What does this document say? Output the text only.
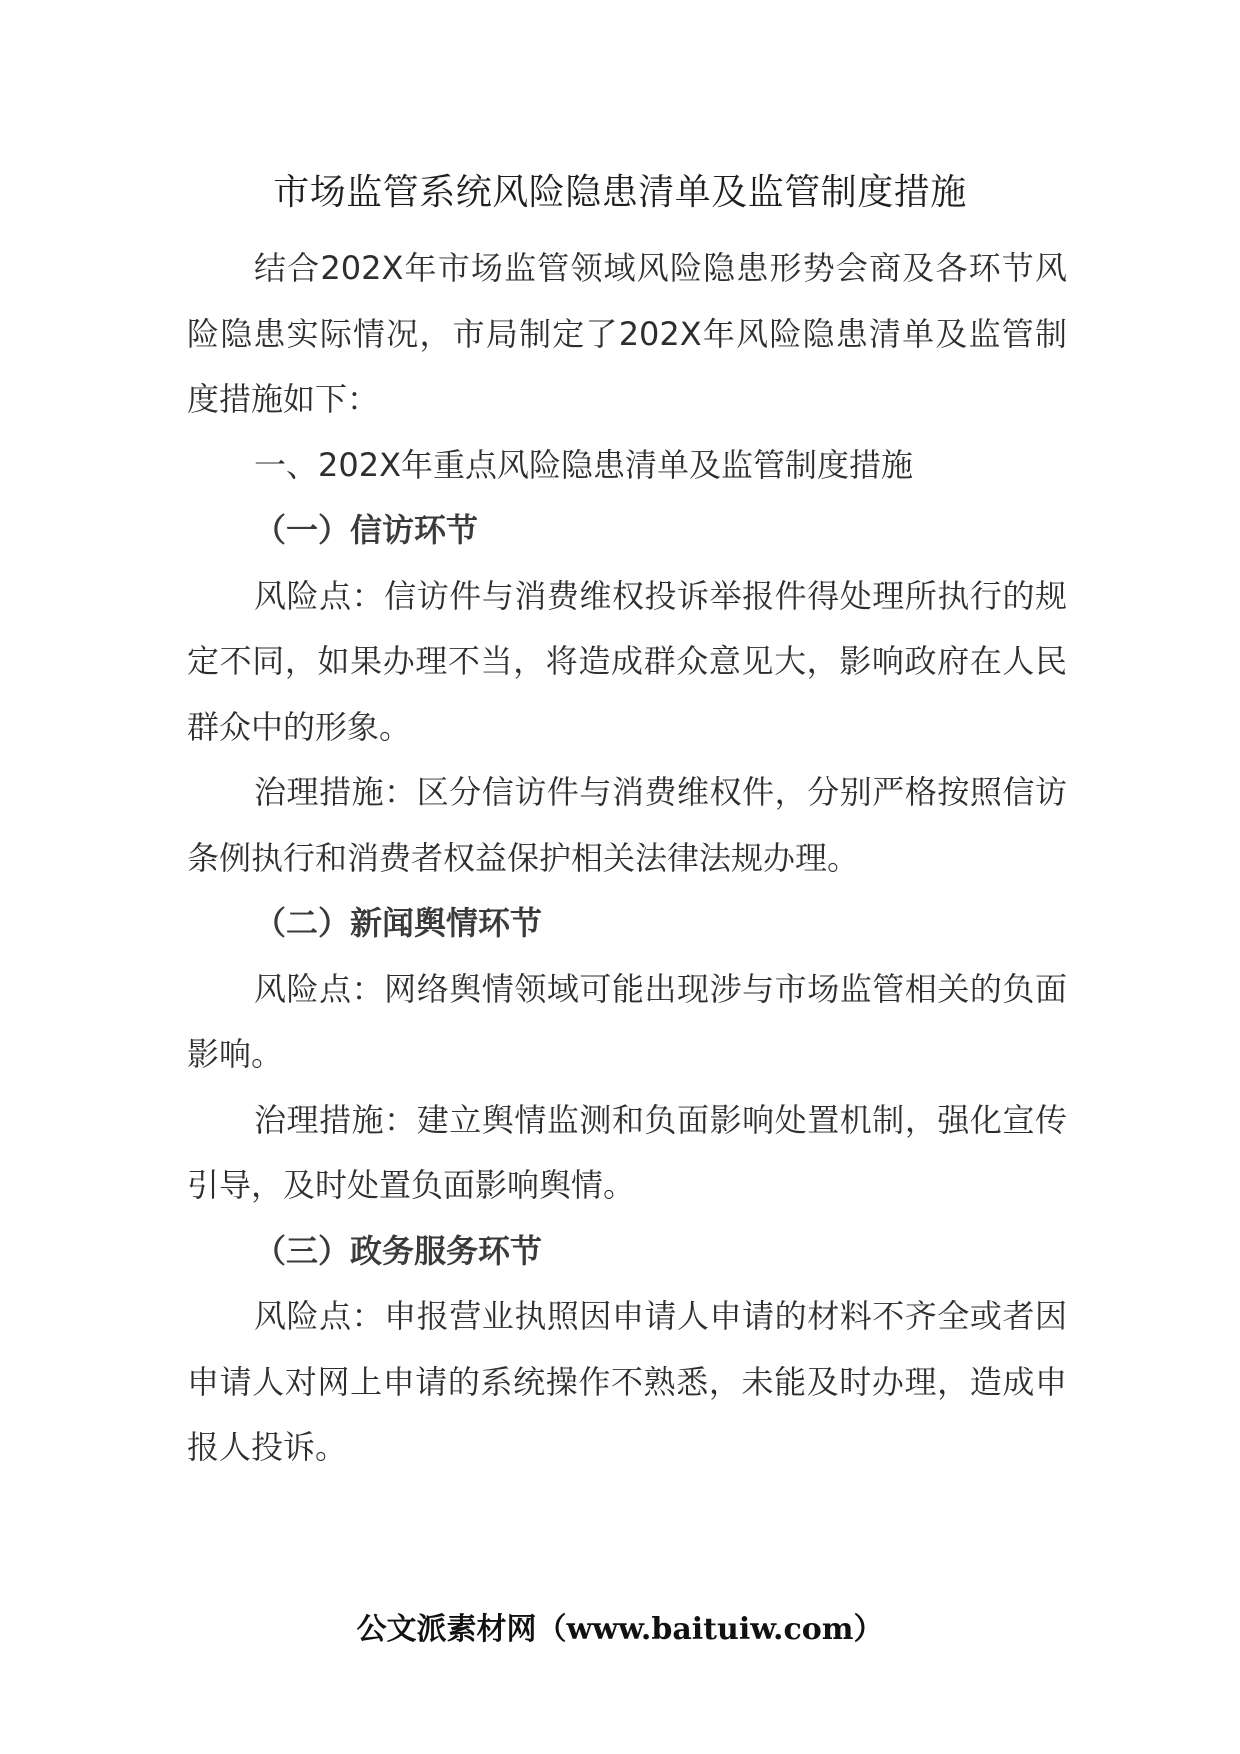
市场监管系统风险隐患清单及监管制度措施

结合202X年市场监管领域风险隐患形势会商及各环节风险隐患实际情况，市局制定了202X年风险隐患清单及监管制度措施如下：

一、202X年重点风险隐患清单及监管制度措施

（一）信访环节

风险点：信访件与消费维权投诉举报件得处理所执行的规定不同，如果办理不当，将造成群众意见大，影响政府在人民群众中的形象。

治理措施：区分信访件与消费维权件，分别严格按照信访条例执行和消费者权益保护相关法律法规办理。

（二）新闻舆情环节

风险点：网络舆情领域可能出现涉与市场监管相关的负面影响。

治理措施：建立舆情监测和负面影响处置机制，强化宣传引导，及时处置负面影响舆情。

（三）政务服务环节

风险点：申报营业执照因申请人申请的材料不齐全或者因申请人对网上申请的系统操作不熟悉，未能及时办理，造成申报人投诉。

公文派素材网（www.baituiw.com）
